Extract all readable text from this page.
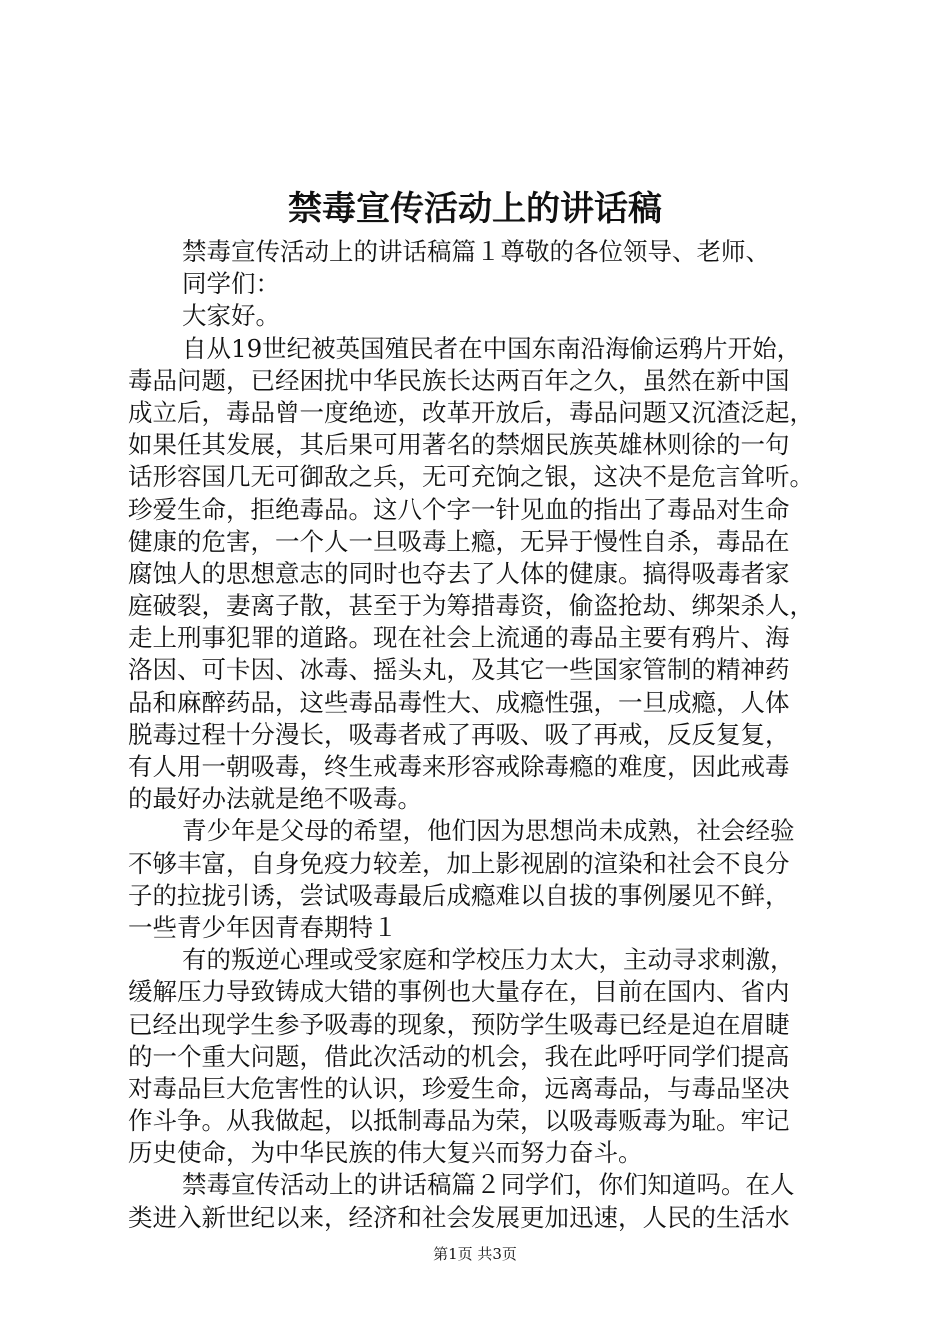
禁毒宣传活动上的讲话稿
禁毒宣传活动上的讲话稿篇１尊敬的各位领导、老师、
同学们：
大家好。
自从19世纪被英国殖民者在中国东南沿海偷运鸦片开始，
毒品问题，已经困扰中华民族长达两百年之久，虽然在新中国
成立后，毒品曾一度绝迹，改革开放后，毒品问题又沉渣泛起，
如果任其发展，其后果可用著名的禁烟民族英雄林则徐的一句
话形容国几无可御敌之兵，无可充饷之银，这决不是危言耸听。
珍爱生命，拒绝毒品。这八个字一针见血的指出了毒品对生命
健康的危害，一个人一旦吸毒上瘾，无异于慢性自杀，毒品在
腐蚀人的思想意志的同时也夺去了人体的健康。搞得吸毒者家
庭破裂，妻离子散，甚至于为筹措毒资，偷盗抢劫、绑架杀人，
走上刑事犯罪的道路。现在社会上流通的毒品主要有鸦片、海
洛因、可卡因、冰毒、摇头丸，及其它一些国家管制的精神药
品和麻醉药品，这些毒品毒性大、成瘾性强，一旦成瘾，人体
脱毒过程十分漫长，吸毒者戒了再吸、吸了再戒，反反复复，
有人用一朝吸毒，终生戒毒来形容戒除毒瘾的难度，因此戒毒
的最好办法就是绝不吸毒。
青少年是父母的希望，他们因为思想尚未成熟，社会经验
不够丰富，自身免疫力较差，加上影视剧的渲染和社会不良分
子的拉拢引诱，尝试吸毒最后成瘾难以自拔的事例屡见不鲜，
一些青少年因青春期特１
有的叛逆心理或受家庭和学校压力太大，主动寻求刺激，
缓解压力导致铸成大错的事例也大量存在，目前在国内、省内
已经出现学生参予吸毒的现象，预防学生吸毒已经是迫在眉睫
的一个重大问题，借此次活动的机会，我在此呼吁同学们提高
对毒品巨大危害性的认识，珍爱生命，远离毒品，与毒品坚决
作斗争。从我做起，以抵制毒品为荣，以吸毒贩毒为耻。牢记
历史使命，为中华民族的伟大复兴而努力奋斗。
禁毒宣传活动上的讲话稿篇２同学们，你们知道吗。在人
类进入新世纪以来，经济和社会发展更加迅速，人民的生活水
第1页 共3页
